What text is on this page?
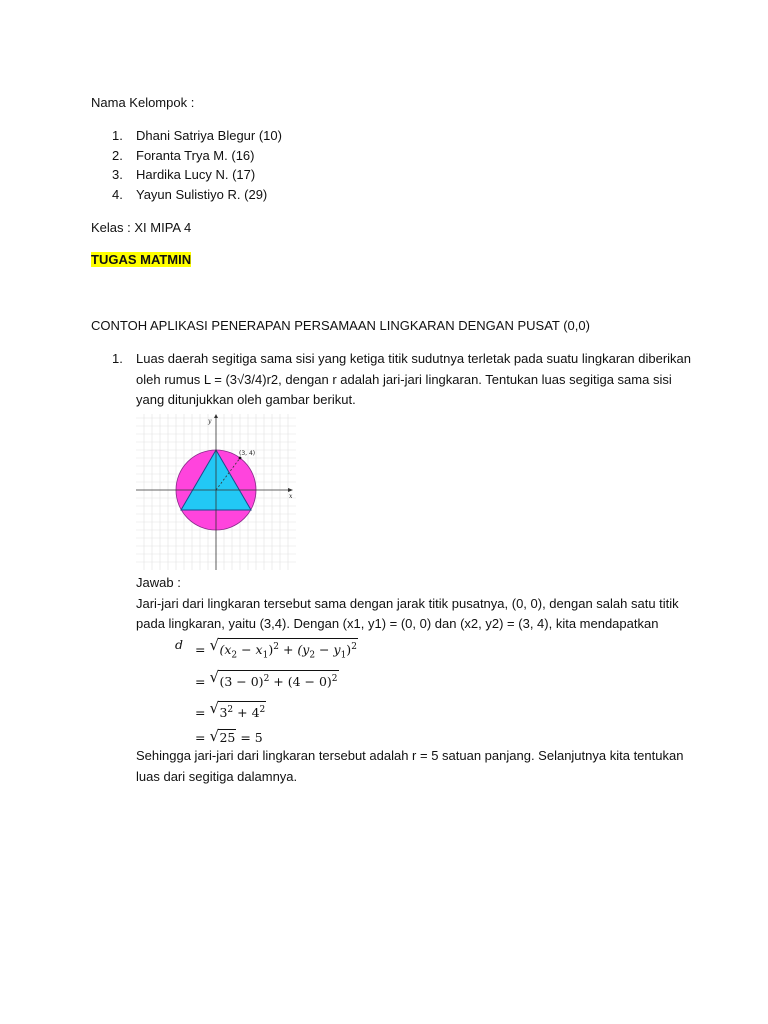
Nama Kelompok :
1. Dhani Satriya Blegur (10)
2. Foranta Trya M. (16)
3. Hardika Lucy N. (17)
4. Yayun Sulistiyo R. (29)
Kelas : XI MIPA 4
TUGAS MATMIN
CONTOH APLIKASI PENERAPAN PERSAMAAN LINGKARAN DENGAN PUSAT (0,0)
1. Luas daerah segitiga sama sisi yang ketiga titik sudutnya terletak pada suatu lingkaran diberikan
oleh rumus L = (3√3/4)r2, dengan r adalah jari-jari lingkaran. Tentukan luas segitiga sama sisi
yang ditunjukkan oleh gambar berikut.
(3, 4)
x
y
Jawab :
Jari-jari dari lingkaran tersebut sama dengan jarak titik pusatnya, (0, 0), dengan salah satu titik
pada lingkaran, yaitu (3,4). Dengan (x1, y1) = (0, 0) dan (x2, y2) = (3, 4), kita mendapatkan
d = √ $(x_2 - x_1)^2 + (y_2 - y_1)^2$
= √ $(3 - 0)^2 + (4 - 0)^2$
= √ $3^2 + 4^2$
= √ 25 = 5
Sehingga jari-jari dari lingkaran tersebut adalah r = 5 satuan panjang. Selanjutnya kita tentukan
luas dari segitiga dalamnya.
